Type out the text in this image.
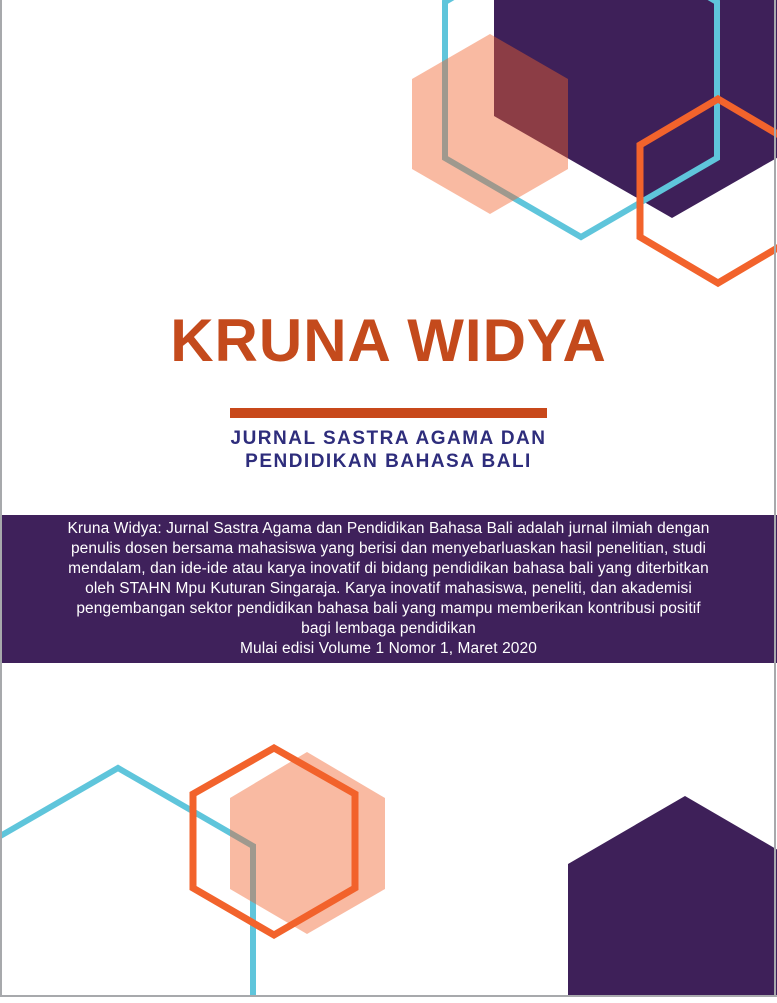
KRUNA WIDYA
JURNAL SASTRA AGAMA DAN
PENDIDIKAN BAHASA BALI

Kruna Widya: Jurnal Sastra Agama dan Pendidikan Bahasa Bali adalah jurnal ilmiah dengan penulis dosen bersama mahasiswa yang berisi dan menyebarluaskan hasil penelitian, studi mendalam, dan ide-ide atau karya inovatif di bidang pendidikan bahasa bali yang diterbitkan oleh STAHN Mpu Kuturan Singaraja. Karya inovatif mahasiswa, peneliti, dan akademisi pengembangan sektor pendidikan bahasa bali yang mampu memberikan kontribusi positif bagi lembaga pendidikan

Mulai edisi Volume 1 Nomor 1, Maret 2020
